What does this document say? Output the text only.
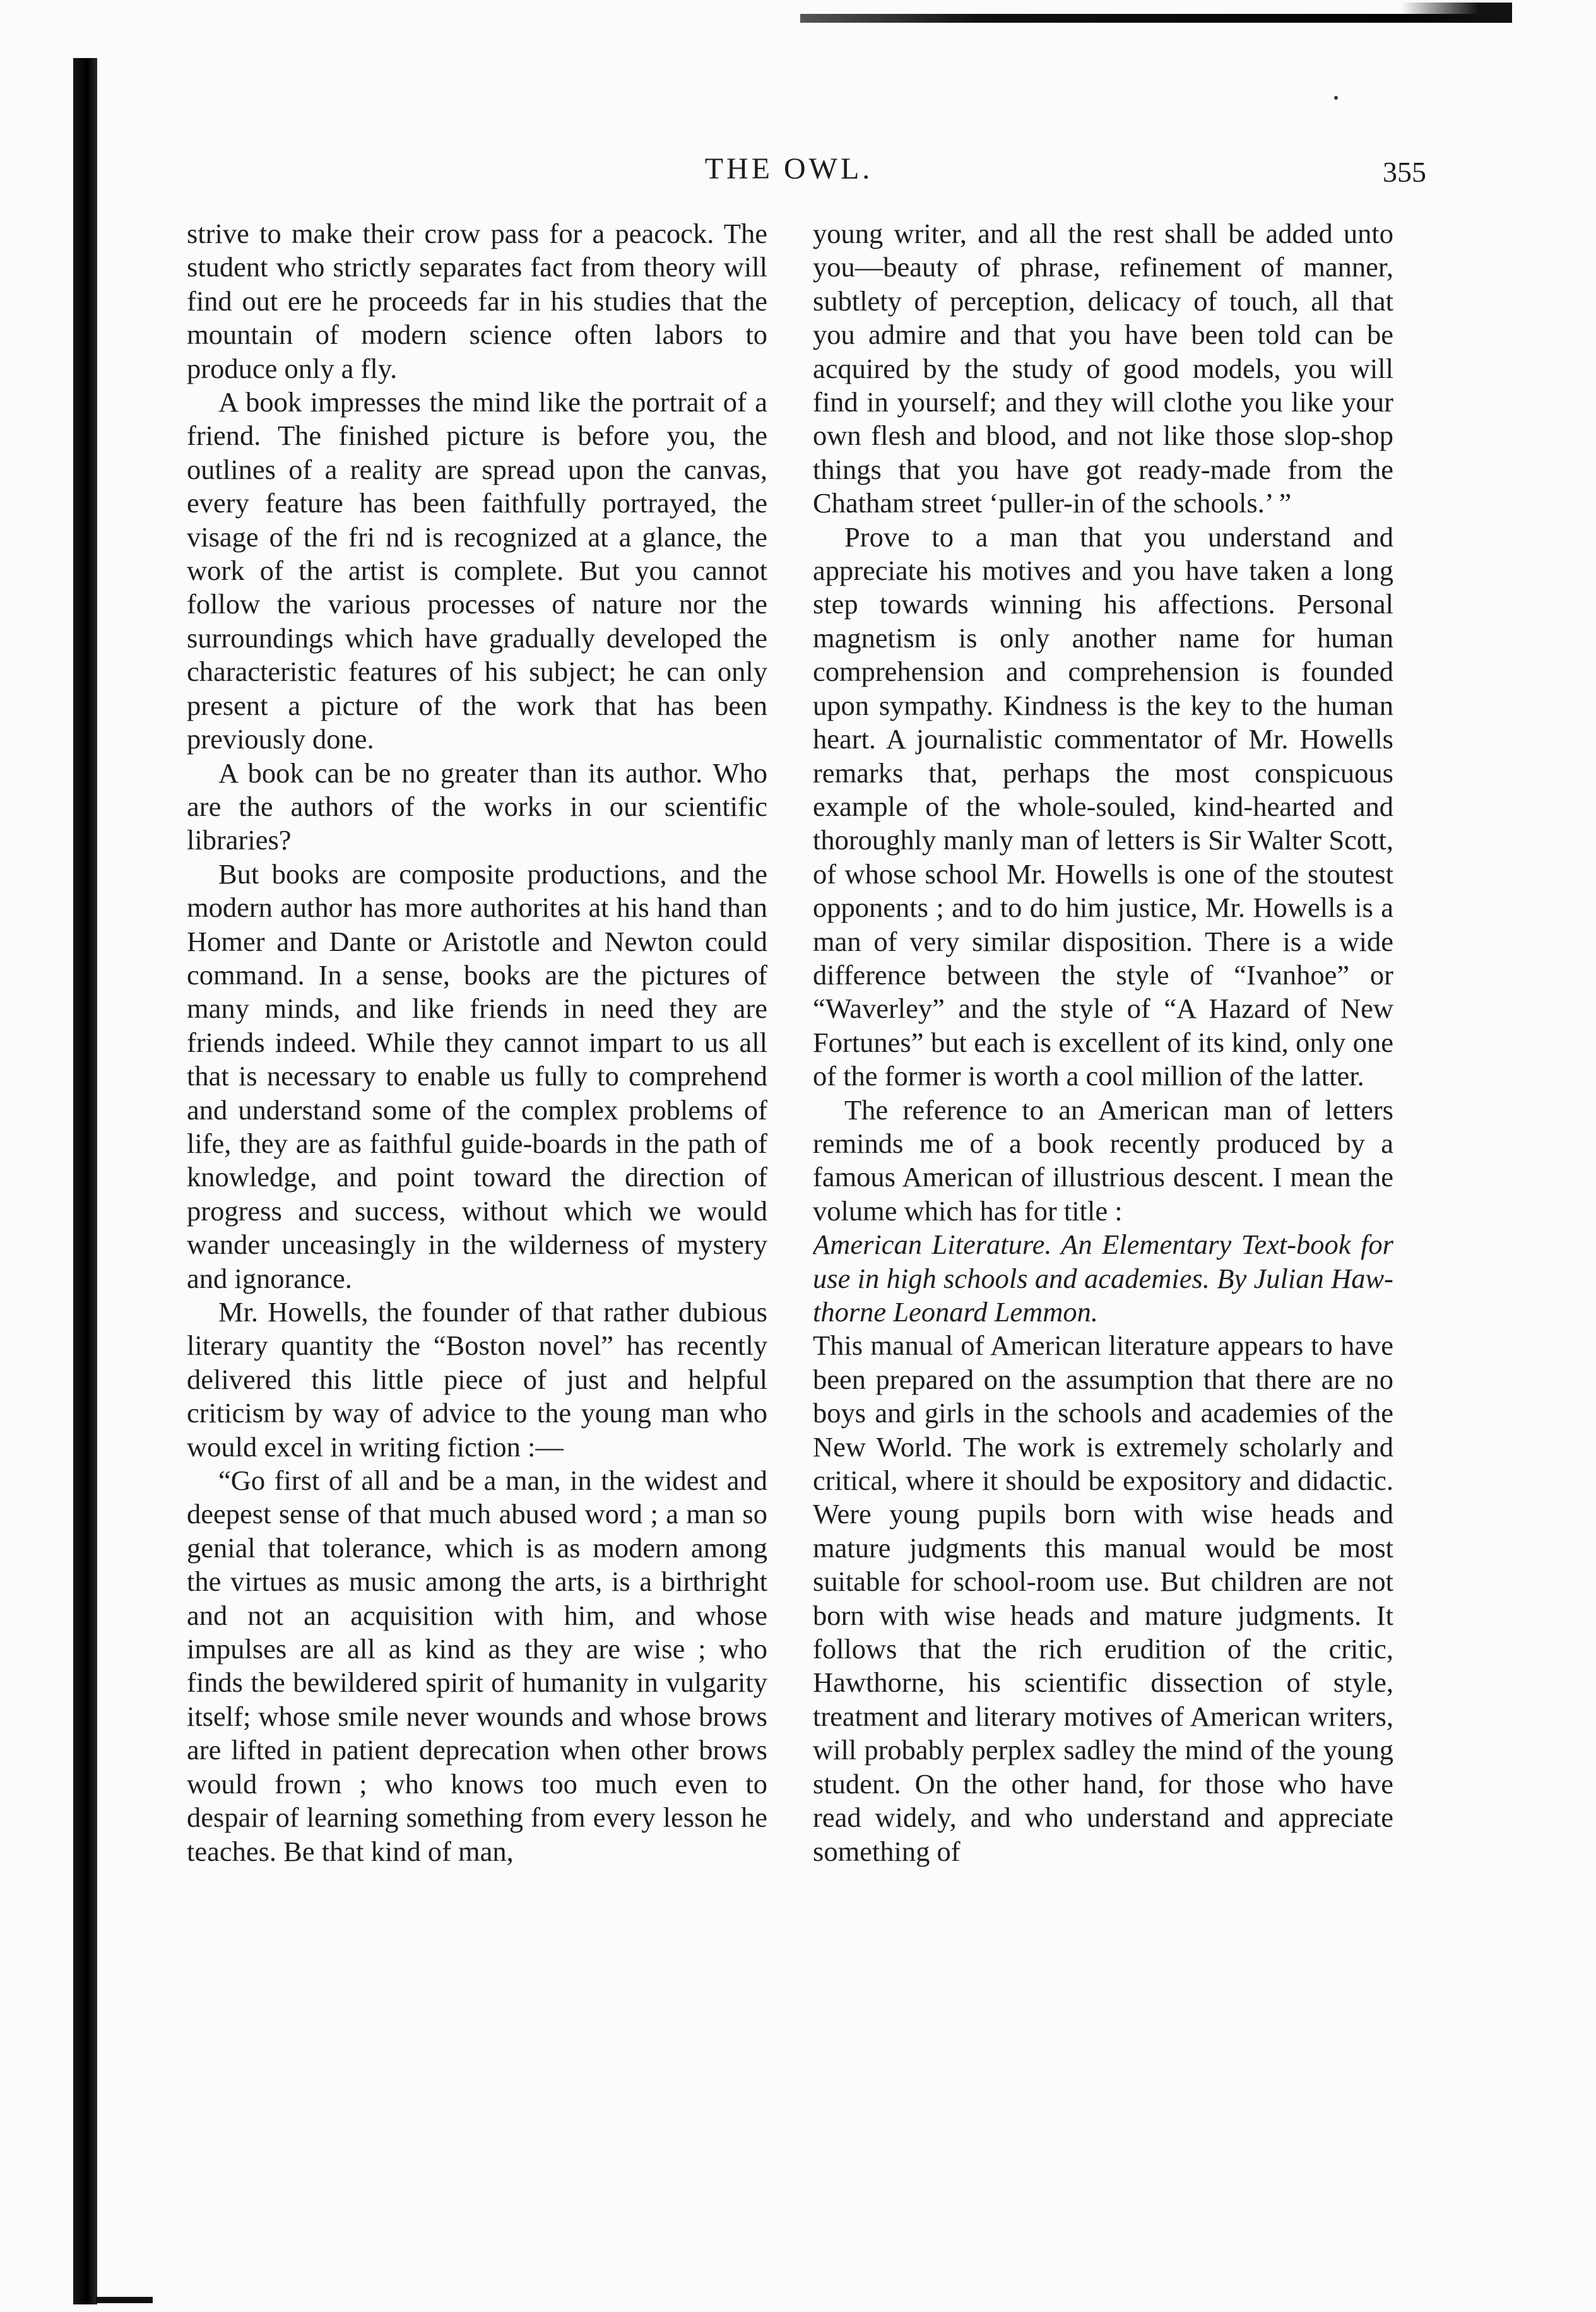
THE OWL.	355

strive to make their crow pass for a peacock. The student who strictly separates fact from theory will find out ere he proceeds far in his studies that the mountain of modern science often labors to produce only a fly.

A book impresses the mind like the portrait of a friend. The finished picture is before you, the outlines of a reality are spread upon the canvas, every feature has been faithfully portrayed, the visage of the fri nd is recognized at a glance, the work of the artist is complete. But you cannot follow the various processes of nature nor the surroundings which have gradually developed the characteristic features of his subject; he can only present a picture of the work that has been previously done.

A book can be no greater than its author. Who are the authors of the works in our scientific libraries?

But books are composite productions, and the modern author has more authorites at his hand than Homer and Dante or Aristotle and Newton could command. In a sense, books are the pictures of many minds, and like friends in need they are friends indeed. While they cannot impart to us all that is necessary to enable us fully to comprehend and understand some of the complex problems of life, they are as faithful guide-boards in the path of knowledge, and point toward the direction of progress and success, without which we would wander unceasingly in the wilderness of mystery and ignorance.

Mr. Howells, the founder of that rather dubious literary quantity the “Boston novel” has recently delivered this little piece of just and helpful criticism by way of advice to the young man who would excel in writing fiction :—

“Go first of all and be a man, in the widest and deepest sense of that much abused word ; a man so genial that tolerance, which is as modern among the virtues as music among the arts, is a birthright and not an acquisition with him, and whose impulses are all as kind as they are wise ; who finds the bewildered spirit of humanity in vulgarity itself; whose smile never wounds and whose brows are lifted in patient deprecation when other brows would frown ; who knows too much even to despair of learning something from every lesson he teaches. Be that kind of man,

young writer, and all the rest shall be added unto you—beauty of phrase, refinement of manner, subtlety of perception, delicacy of touch, all that you admire and that you have been told can be acquired by the study of good models, you will find in yourself; and they will clothe you like your own flesh and blood, and not like those slop-shop things that you have got ready-made from the Chatham street ‘puller-in of the schools.’ ”

Prove to a man that you understand and appreciate his motives and you have taken a long step towards winning his affections. Personal magnetism is only another name for human comprehension and comprehension is founded upon sympathy. Kindness is the key to the human heart. A journalistic commentator of Mr. Howells remarks that, perhaps the most conspicuous example of the whole-souled, kind-hearted and thoroughly manly man of letters is Sir Walter Scott, of whose school Mr. Howells is one of the stoutest opponents ; and to do him justice, Mr. Howells is a man of very similar disposition. There is a wide difference between the style of “Ivanhoe” or “Waverley” and the style of “A Hazard of New Fortunes” but each is excellent of its kind, only one of the former is worth a cool million of the latter.

The reference to an American man of letters reminds me of a book recently produced by a famous American of illustrious descent. I mean the volume which has for title :

American Literature. An Elementary Text-book for use in high schools and academies. By Julian Hawthorne Leonard Lemmon.

This manual of American literature appears to have been prepared on the assumption that there are no boys and girls in the schools and academies of the New World. The work is extremely scholarly and critical, where it should be expository and didactic. Were young pupils born with wise heads and mature judgments this manual would be most suitable for school-room use. But children are not born with wise heads and mature judgments. It follows that the rich erudition of the critic, Hawthorne, his scientific dissection of style, treatment and literary motives of American writers, will probably perplex sadley the mind of the young student. On the other hand, for those who have read widely, and who understand and appreciate something of
